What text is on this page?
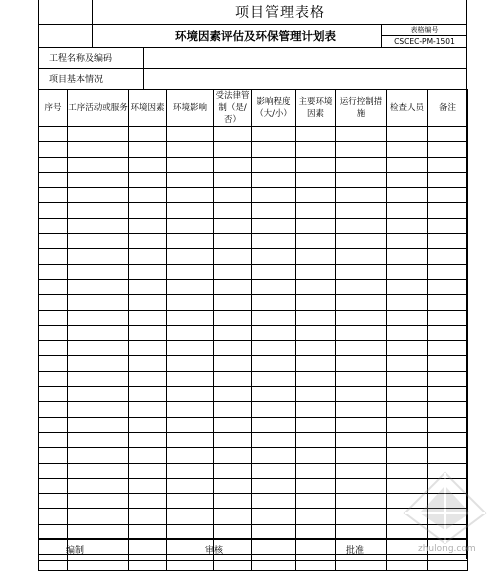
项目管理表格
环境因素评估及环保管理计划表	表格编号
CSCEC-PM-1501
工程名称及编码
项目基本情况
序号	工序活动或服务	环境因素	环境影响	受法律管制（是/否）	影响程度（大/小）	主要环境因素	运行控制措施	检查人员	备注

编制	审核	批准	zhulong.com
